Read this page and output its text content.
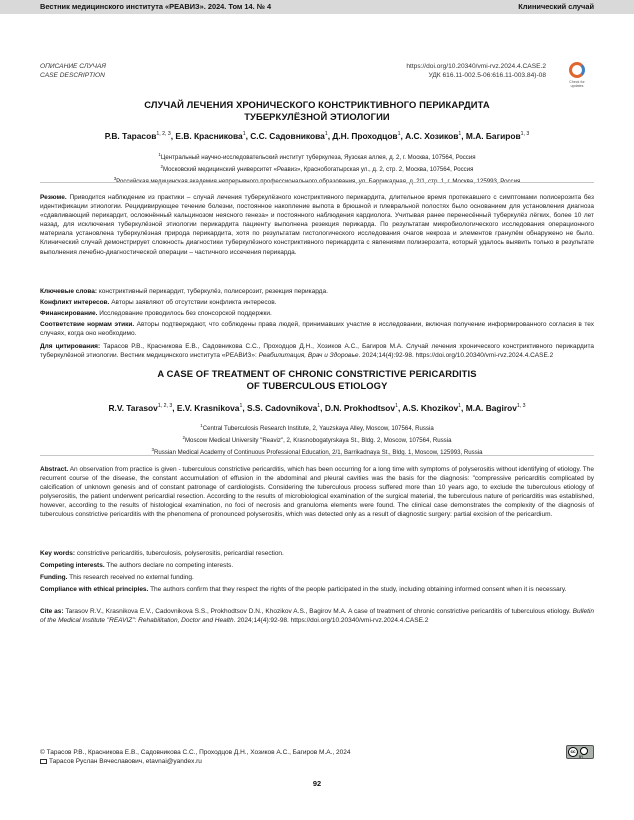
Вестник медицинского института «РЕАВИЗ». 2024. Том 14. № 4	Клинический случай
ОПИСАНИЕ СЛУЧАЯ
CASE DESCRIPTION
https://doi.org/10.20340/vmi-rvz.2024.4.CASE.2
УДК 616.11-002.5-06:616.11-003.84)-08
Check for updates
СЛУЧАЙ ЛЕЧЕНИЯ ХРОНИЧЕСКОГО КОНСТРИКТИВНОГО ПЕРИКАРДИТА
ТУБЕРКУЛЁЗНОЙ ЭТИОЛОГИИ
Р.В. Тарасов$^{1, 2, 3}$, Е.В. Красникова$^1$, С.С. Садовникова$^1$, Д.Н. Проходцов$^1$, А.С. Хозиков$^1$, М.А. Багиров$^{1, 3}$
$^1$Центральный научно-исследовательский институт туберкулеза, Яузская аллея, д. 2, г. Москва, 107564, Россия
$^2$Московский медицинский университет «Реавиз», Краснобогатырская ул., д. 2, стр. 2, Москва, 107564, Россия
$^3$Российская медицинская академия непрерывного профессионального образования, ул. Баррикадная, д. 2/1, стр. 1, г. Москва, 125993, Россия
Резюме. Приводится наблюдение из практики – случай лечения туберкулёзного констриктивного перикардита, длительное время протекавшего с симптомами полисерозита без идентификации этиологии. Рецидивирующее течение болезни, постоянное накопление выпота в брюшной и плевральной полостях было основанием для установления диагноза «сдавливающий перикардит, осложнённый кальцинозом неясного генеза» и постоянного наблюдения кардиолога. Учитывая ранее перенесённый туберкулёз лёгких, более 10 лет назад, для исключения туберкулёзной этиологии перикардита пациенту выполнена резекция перикарда. По результатам микробиологического исследования операционного материала установлена туберкулёзная природа перикардита, хотя по результатам гистологического исследования очагов некроза и элементов гранулём обнаружено не было. Клинический случай демонстрирует сложность диагностики туберкулёзного констриктивного перикардита с явлениями полизерозита, который удалось выявить только в результате выполнения лечебно-диагностической операции – частичного иссечения перикарда.
Ключевые слова: констриктивный перикардит, туберкулёз, полисерозит, резекция перикарда.
Конфликт интересов. Авторы заявляют об отсутствии конфликта интересов.
Финансирование. Исследование проводилось без спонсорской поддержки.
Соответствие нормам этики. Авторы подтверждают, что соблюдены права людей, принимавших участие в исследовании, включая получение информированного согласия в тех случаях, когда оно необходимо.
Для цитирования: Тарасов Р.В., Красникова Е.В., Садовникова С.С., Проходцов Д.Н., Хозиков А.С., Багиров М.А. Случай лечения хронического констриктивного перикардита туберкулёзной этиологии. Вестник медицинского института «РЕАВИЗ»: Реабилитация, Врач и Здоровье. 2024;14(4):92-98. https://doi.org/10.20340/vmi-rvz.2024.4.CASE.2
A CASE OF TREATMENT OF CHRONIC CONSTRICTIVE PERICARDITIS
OF TUBERCULOUS ETIOLOGY
R.V. Tarasov$^{1, 2, 3}$, E.V. Krasnikova$^1$, S.S. Cadovnikova$^1$, D.N. Prokhodtsov$^1$, A.S. Khozikov$^1$, M.A. Bagirov$^{1, 3}$
$^1$Central Tuberculosis Research Institute, 2, Yauzskaya Alley, Moscow, 107564, Russia
$^2$Moscow Medical University "Reaviz", 2, Krasnobogatyrskaya St., Bldg. 2, Moscow, 107564, Russia
$^3$Russian Medical Academy of Continuous Professional Education, 2/1, Barrikadnaya St., Bldg. 1, Moscow, 125993, Russia
Abstract. An observation from practice is given - tuberculous constrictive pericarditis, which has been occurring for a long time with symptoms of polyserositis without identifying of etiology. The recurrent course of the disease, the constant accumulation of effusion in the abdominal and pleural cavities was the basis for the diagnosis: "compressive pericarditis complicated by calcification of unknown genesis and of constant patronage of cardiologists. Considering the tuberculous process suffered more than 10 years ago, to exclude the tuberculous etiology of polyserositis, the patient underwent pericardial resection. According to the results of microbiological examination of the surgical material, the tuberculous nature of pericarditis was established, however, according to the results of histological examination, no foci of necrosis and granuloma elements were found. The clinical case demonstrates the complexity of the diagnosis of tuberculous constrictive pericarditis with the phenomena of pronounced polyserositis, which was detected only as a result of diagnostic surgery: partial excision of the pericardium.
Key words: constrictive pericarditis, tuberculosis, polyserositis, pericardial resection.
Competing interests. The authors declare no competing interests.
Funding. This research received no external funding.
Compliance with ethical principles. The authors confirm that they respect the rights of the people participated in the study, including obtaining informed consent when it is necessary.
Cite as: Tarasov R.V., Krasnikova E.V., Cadovnikova S.S., Prokhodtsov D.N., Khozikov A.S., Bagirov M.A. A case of treatment of chronic constrictive pericarditis of tuberculous etiology. Bulletin of the Medical Institute "REAVIZ": Rehabilitation, Doctor and Health. 2024;14(4):92-98. https://doi.org/10.20340/vmi-rvz.2024.4.CASE.2
© Тарасов Р.В., Красникова Е.В., Садовникова С.С., Проходцов Д.Н., Хозиков А.С., Багиров М.А., 2024
Тарасов Руслан Вячеславович, etavnai@yandex.ru
cc
BY
92
